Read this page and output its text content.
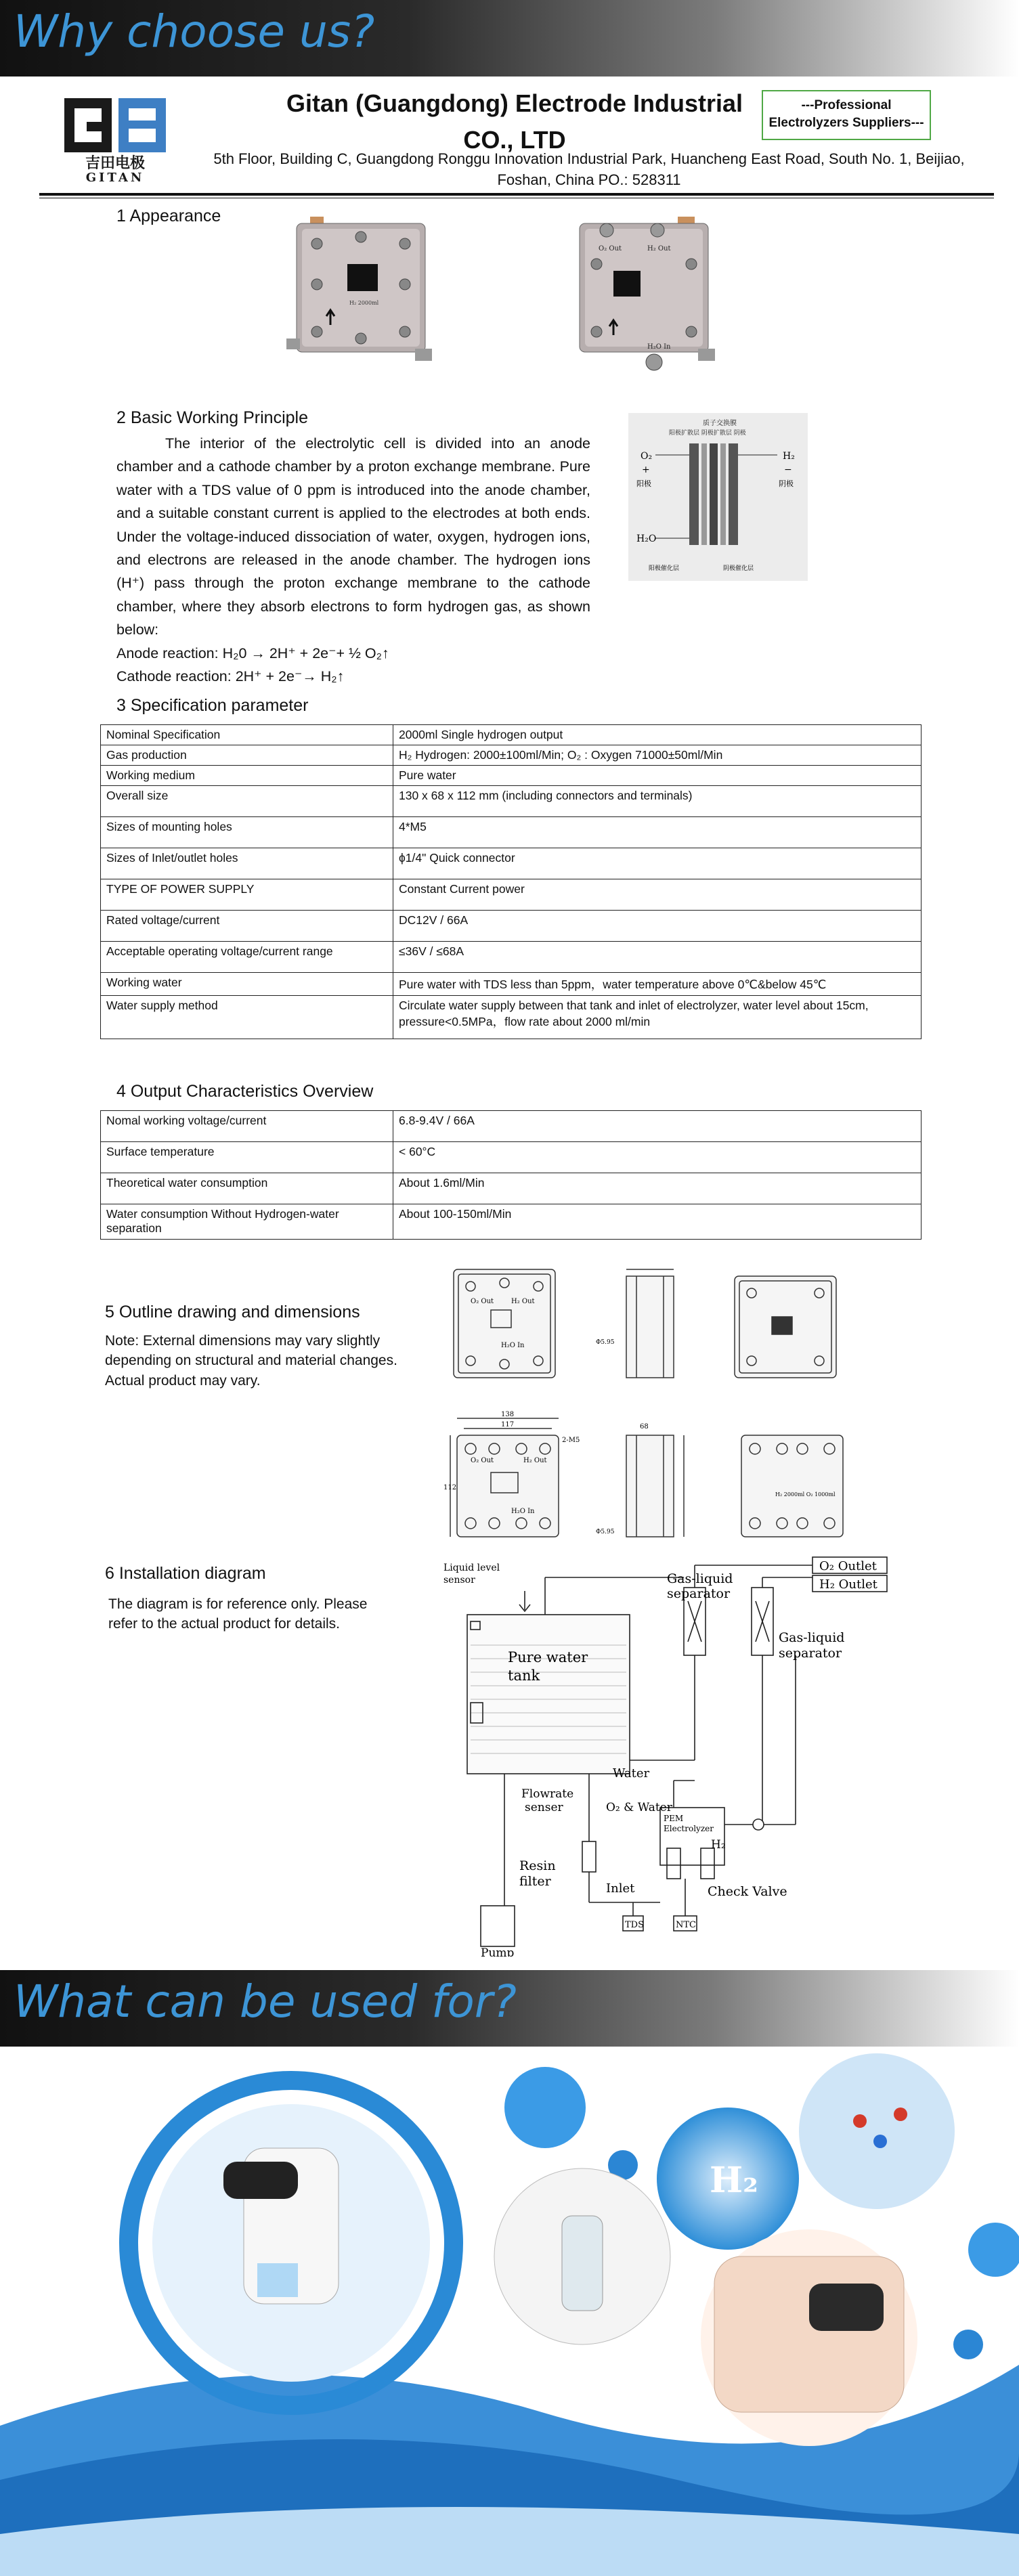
Why choose us?
吉田电极
GITAN
Gitan (Guangdong) Electrode Industrial
CO., LTD
5th Floor, Building C, Guangdong Ronggu Innovation Industrial Park, Huancheng East Road, South No. 1, Beijiao,
Foshan, China PO.: 528311
---Professional
Electrolyzers Suppliers---
1 Appearance
H₂ 2000ml
O₂ Out	H₂ Out
H₂O In
2 Basic Working Principle

The interior of the electrolytic cell is divided into an anode chamber and a cathode chamber by a proton exchange membrane. Pure water with a TDS value of 0 ppm is introduced into the anode chamber, and a suitable constant current is applied to the electrodes at both ends. Under the voltage-induced dissociation of water, oxygen, hydrogen ions, and electrons are released in the anode chamber. The hydrogen ions (H⁺) pass through the proton exchange membrane to the cathode chamber, where they absorb electrons to form hydrogen gas, as shown below:

Anode reaction: H₂0 → 2H⁺ + 2e⁻+ ½ O₂↑

Cathode reaction: 2H⁺ + 2e⁻→ H₂↑

质子交换膜
阳极扩散层 阴极扩散层 阴极
O₂
+
阳极
H₂
−
阴极
H₂O
阳极催化层	阴极催化层
3 Specification parameter
Nominal Specification	2000ml Single hydrogen output
Gas production	H₂ Hydrogen: 2000±100ml/Min; O₂ : Oxygen 71000±50ml/Min
Working medium	Pure water
Overall size	130 x 68 x 112 mm (including connectors and terminals)
Sizes of mounting holes	4*M5
Sizes of Inlet/outlet holes	ϕ1/4" Quick connector
TYPE OF POWER SUPPLY	Constant Current power
Rated voltage/current	DC12V / 66A
Acceptable operating voltage/current range	≤36V / ≤68A
Working water	Pure water with TDS less than 5ppm，water temperature above 0℃&below 45℃
Water supply method	Circulate water supply between that tank and inlet of electrolyzer, water level about 15cm, pressure<0.5MPa，flow rate about 2000 ml/min
4 Output Characteristics Overview
Nomal working voltage/current	6.8-9.4V / 66A
Surface temperature	< 60°C
Theoretical water consumption	About 1.6ml/Min
Water consumption Without Hydrogen-water separation	About 100-150ml/Min
5 Outline drawing and dimensions
Note: External dimensions may vary slightly depending on structural and material changes. Actual product may vary.
O₂ Out	H₂ Out
H₂O In	Φ5.95
138
117
112
68
2-M5
Φ5.95
O₂ Out	H₂ Out
H₂O In
H₂ 2000ml O₂ 1000ml
6 Installation diagram
The diagram is for reference only. Please refer to the actual product for details.
Liquid level
sensor	Gas-liquid
separator
O₂ Outlet
H₂ Outlet
Gas-liquid
separator
Pure water
tank
Water
Flowrate
senser	O₂ & Water
PEM
Electrolyzer
H₂
Resin
filter	Inlet	Check Valve
Pump
TDS	NTC
What can be used for?
H₂
